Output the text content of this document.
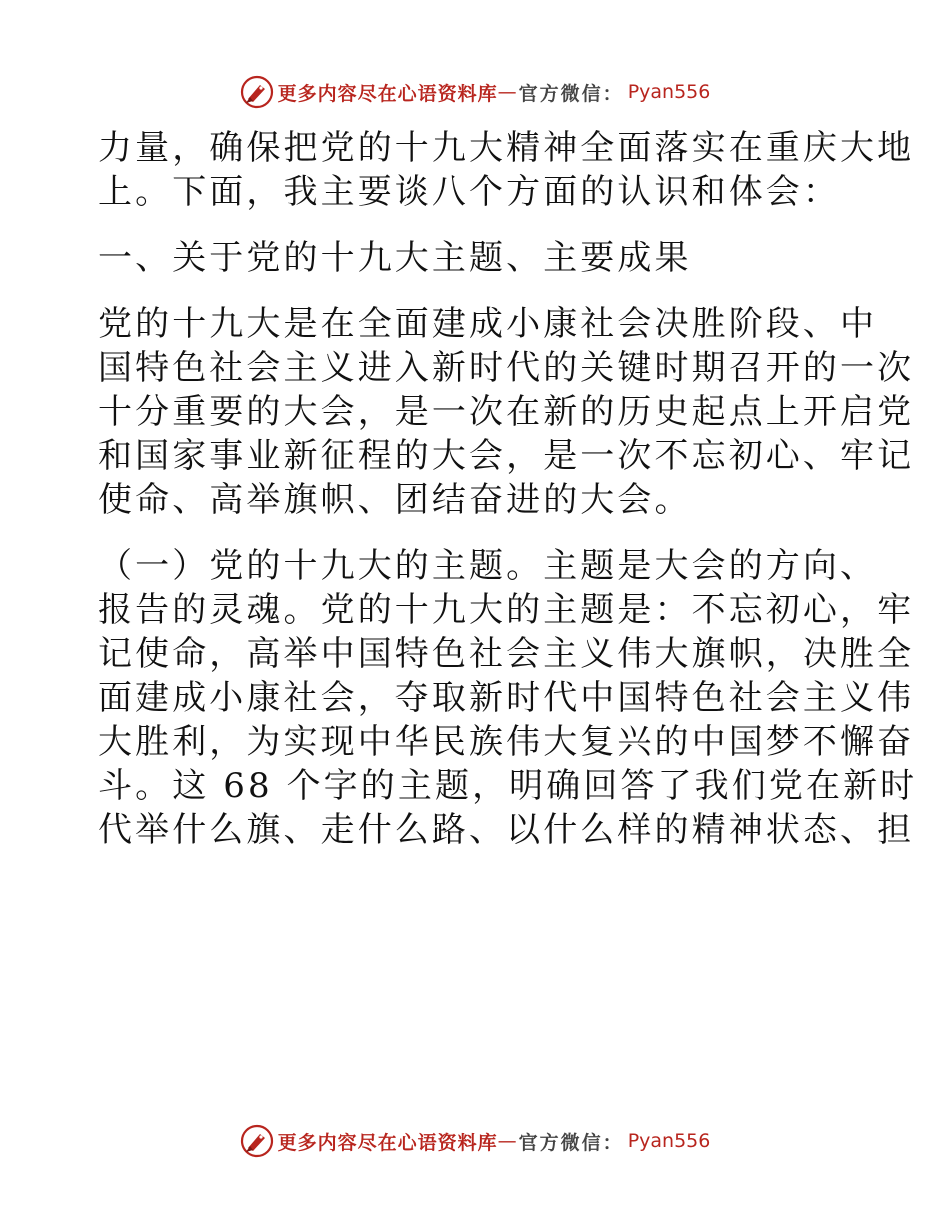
更多内容尽在心语资料库 — 官方微信： Pyan556

力量，确保把党的十九大精神全面落实在重庆大地
上。下面，我主要谈八个方面的认识和体会：

一、关于党的十九大主题、主要成果

党的十九大是在全面建成小康社会决胜阶段、中
国特色社会主义进入新时代的关键时期召开的一次
十分重要的大会，是一次在新的历史起点上开启党
和国家事业新征程的大会，是一次不忘初心、牢记
使命、高举旗帜、团结奋进的大会。

（一）党的十九大的主题。主题是大会的方向、
报告的灵魂。党的十九大的主题是：不忘初心，牢
记使命，高举中国特色社会主义伟大旗帜，决胜全
面建成小康社会，夺取新时代中国特色社会主义伟
大胜利，为实现中华民族伟大复兴的中国梦不懈奋
斗。这 68 个字的主题，明确回答了我们党在新时
代举什么旗、走什么路、以什么样的精神状态、担

更多内容尽在心语资料库 — 官方微信： Pyan556
